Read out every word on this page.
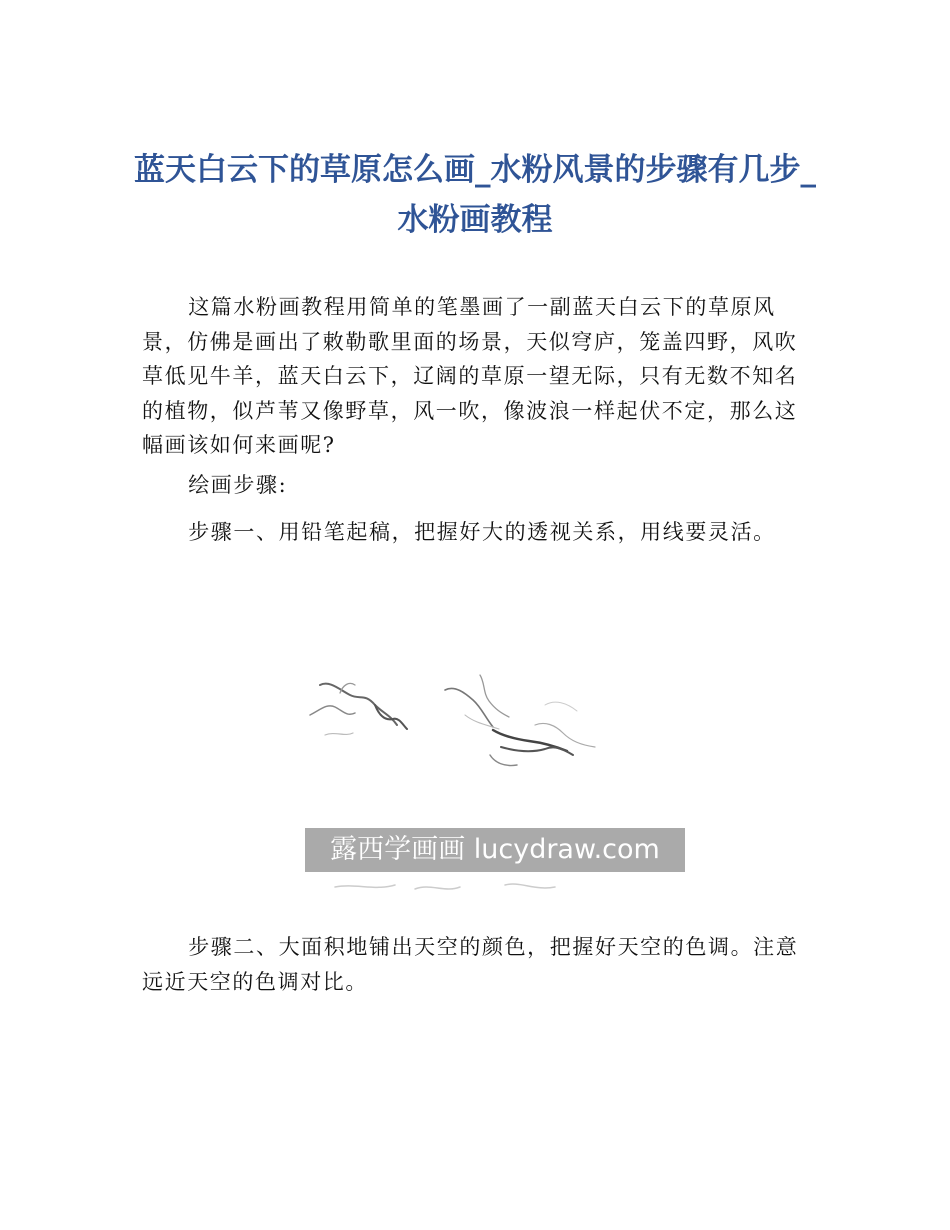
蓝天白云下的草原怎么画_水粉风景的步骤有几步_水粉画教程

这篇水粉画教程用简单的笔墨画了一副蓝天白云下的草原风景，仿佛是画出了敕勒歌里面的场景，天似穹庐，笼盖四野，风吹草低见牛羊，蓝天白云下，辽阔的草原一望无际，只有无数不知名的植物，似芦苇又像野草，风一吹，像波浪一样起伏不定，那么这幅画该如何来画呢?

绘画步骤:

步骤一、用铅笔起稿，把握好大的透视关系，用线要灵活。

露西学画画 lucydraw.com

步骤二、大面积地铺出天空的颜色，把握好天空的色调。注意远近天空的色调对比。
